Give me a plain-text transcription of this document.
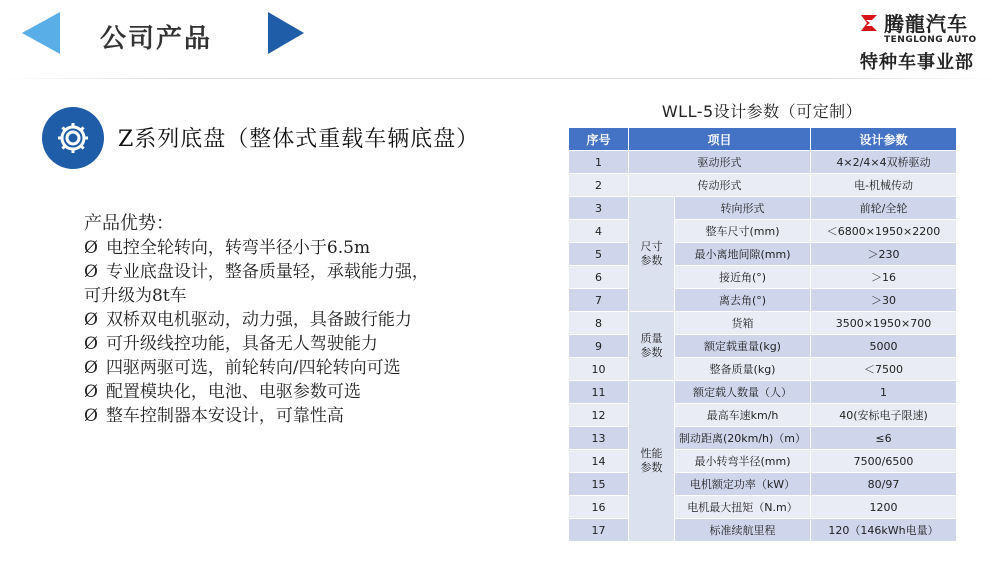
公司产品	腾龍汽车
TENGLONG AUTO
特种车事业部
Z系列底盘（整体式重载车辆底盘）
产品优势：
Ø 电控全轮转向，转弯半径小于6.5m
Ø 专业底盘设计，整备质量轻，承载能力强，
可升级为8t车
Ø 双桥双电机驱动，动力强，具备跛行能力
Ø 可升级线控功能，具备无人驾驶能力
Ø 四驱两驱可选，前轮转向/四轮转向可选
Ø 配置模块化，电池、电驱参数可选
Ø 整车控制器本安设计，可靠性高
WLL-5设计参数（可定制）
序号	项目		设计参数
1	驱动形式		4×2/4×4双桥驱动
2	传动形式		电-机械传动
3	尺寸参数	转向形式	前轮/全轮
4		整车尺寸(mm)	＜6800×1950×2200
5		最小离地间隙(mm)	＞230
6		接近角(°)	＞16
7		离去角(°)	＞30
8	质量参数	货箱	3500×1950×700
9		额定载重量(kg)	5000
10		整备质量(kg)	＜7500
11	性能参数	额定载人数量（人）	1
12		最高车速km/h	40(安标电子限速)
13		制动距离(20km/h)（m）	≤6
14		最小转弯半径(mm)	7500/6500
15		电机额定功率（kW）	80/97
16		电机最大扭矩（N.m）	1200
17		标准续航里程	120（146kWh电量）
